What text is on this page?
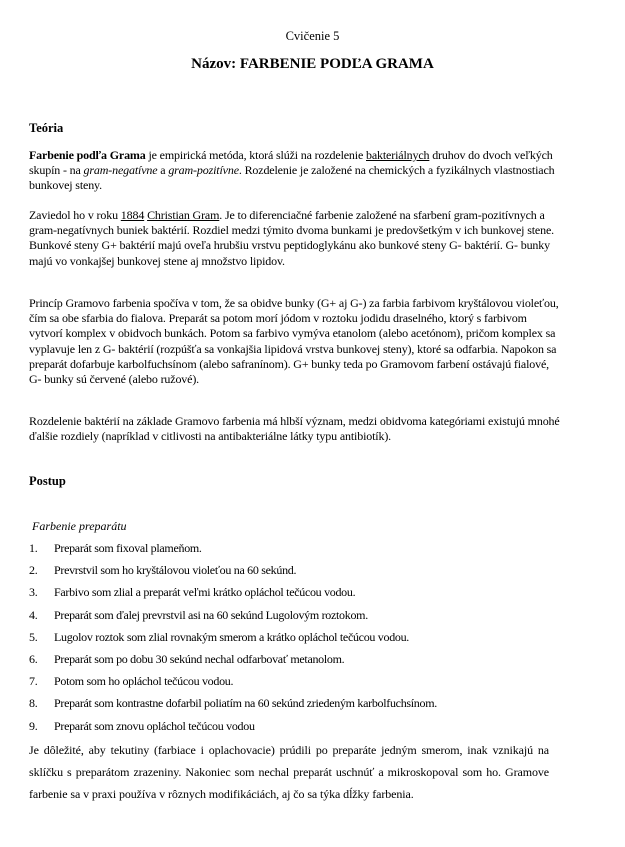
Cvičenie 5
Názov: FARBENIE PODĽA GRAMA
Teória

Farbenie podľa Grama je empirická metóda, ktorá slúži na rozdelenie bakteriálnych druhov do dvoch veľkých skupín - na gram-negatívne a gram-pozitívne. Rozdelenie je založené na chemických a fyzikálnych vlastnostiach bunkovej steny.

Zaviedol ho v roku 1884 Christian Gram. Je to diferenciačné farbenie založené na sfarbení gram-pozitívnych a gram-negatívnych buniek baktérií. Rozdiel medzi týmito dvoma bunkami je predovšetkým v ich bunkovej stene. Bunkové steny G+ baktérií majú oveľa hrubšiu vrstvu peptidoglykánu ako bunkové steny G- baktérií. G- bunky majú vo vonkajšej bunkovej stene aj množstvo lipidov.

Princíp Gramovo farbenia spočíva v tom, že sa obidve bunky (G+ aj G-) za farbia farbivom kryštálovou violeťou, čím sa obe sfarbia do fialova. Preparát sa potom morí jódom v roztoku jodidu draselného, ktorý s farbivom vytvorí komplex v obidvoch bunkách. Potom sa farbivo vymýva etanolom (alebo acetónom), pričom komplex sa vyplavuje len z G- baktérií (rozpúšťa sa vonkajšia lipidová vrstva bunkovej steny), ktoré sa odfarbia. Napokon sa preparát dofarbuje karbolfuchsínom (alebo safranínom). G+ bunky teda po Gramovom farbení ostávajú fialové, G- bunky sú červené (alebo ružové).

Rozdelenie baktérií na základe Gramovo farbenia má hlbší význam, medzi obidvoma kategóriami existujú mnohé ďalšie rozdiely (napríklad v citlivosti na antibakteriálne látky typu antibiotík).

Postup
Farbenie preparátu
1.	Preparát som fixoval plameňom.
2.	Prevrstvil som ho kryštálovou violeťou na 60 sekúnd.
3.	Farbivo som zlial a preparát veľmi krátko opláchol tečúcou vodou.
4.	Preparát som ďalej prevrstvil asi na 60 sekúnd Lugolovým roztokom.
5.	Lugolov roztok som zlial rovnakým smerom a krátko opláchol tečúcou vodou.
6.	Preparát som po dobu 30 sekúnd nechal odfarbovať metanolom.
7.	Potom som ho opláchol tečúcou vodou.
8.	Preparát som kontrastne dofarbil poliatím na 60 sekúnd zriedeným karbolfuchsínom.
9.	Preparát som znovu opláchol tečúcou vodou

Je dôležité, aby tekutiny (farbiace i oplachovacie) prúdili po preparáte jedným smerom, inak vznikajú na sklíčku s preparátom zrazeniny. Nakoniec som nechal preparát uschnúť a mikroskopoval som ho. Gramove farbenie sa v praxi používa v rôznych modifikáciách, aj čo sa týka dĺžky farbenia.
